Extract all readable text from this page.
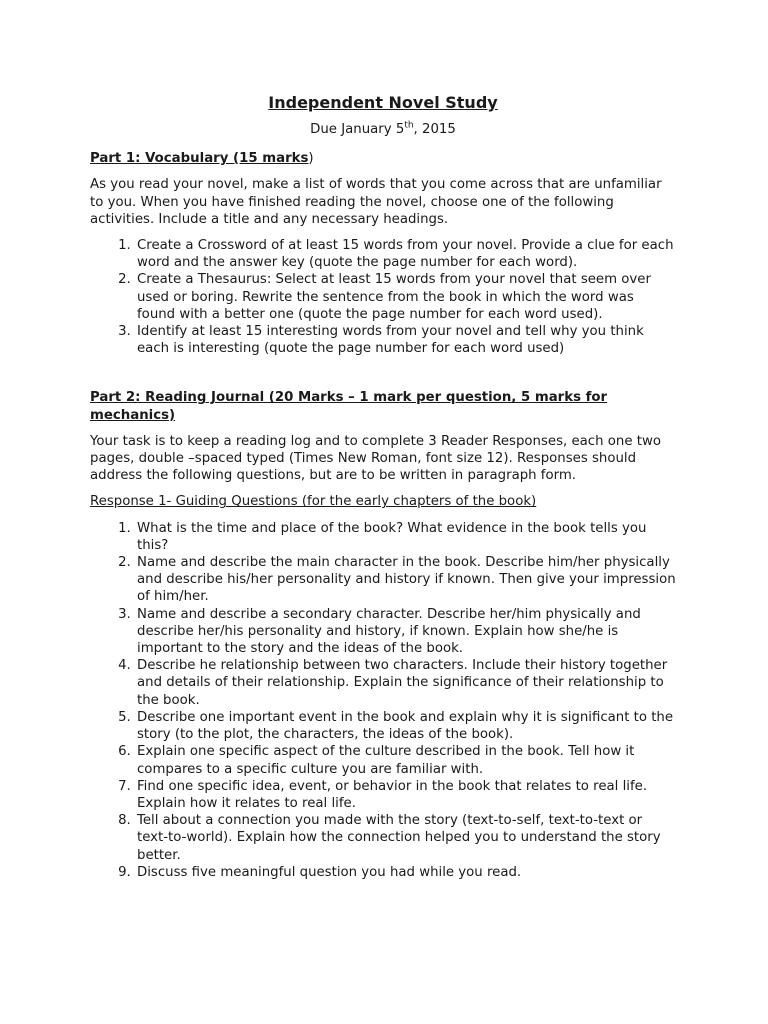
Independent Novel Study
Due January 5th, 2015
Part 1: Vocabulary (15 marks)
As you read your novel, make a list of words that you come across that are unfamiliar to you. When you have finished reading the novel, choose one of the following activities. Include a title and any necessary headings.
1. Create a Crossword of at least 15 words from your novel. Provide a clue for each word and the answer key (quote the page number for each word).
2. Create a Thesaurus: Select at least 15 words from your novel that seem over used or boring. Rewrite the sentence from the book in which the word was found with a better one (quote the page number for each word used).
3. Identify at least 15 interesting words from your novel and tell why you think each is interesting (quote the page number for each word used)
Part 2: Reading Journal (20 Marks – 1 mark per question, 5 marks for mechanics)
Your task is to keep a reading log and to complete 3 Reader Responses, each one two pages, double –spaced typed (Times New Roman, font size 12). Responses should address the following questions, but are to be written in paragraph form.
Response 1- Guiding Questions (for the early chapters of the book)
1. What is the time and place of the book? What evidence in the book tells you this?
2. Name and describe the main character in the book. Describe him/her physically and describe his/her personality and history if known. Then give your impression of him/her.
3. Name and describe a secondary character. Describe her/him physically and describe her/his personality and history, if known. Explain how she/he is important to the story and the ideas of the book.
4. Describe he relationship between two characters. Include their history together and details of their relationship. Explain the significance of their relationship to the book.
5. Describe one important event in the book and explain why it is significant to the story (to the plot, the characters, the ideas of the book).
6. Explain one specific aspect of the culture described in the book. Tell how it compares to a specific culture you are familiar with.
7. Find one specific idea, event, or behavior in the book that relates to real life. Explain how it relates to real life.
8. Tell about a connection you made with the story (text-to-self, text-to-text or text-to-world). Explain how the connection helped you to understand the story better.
9. Discuss five meaningful question you had while you read.
